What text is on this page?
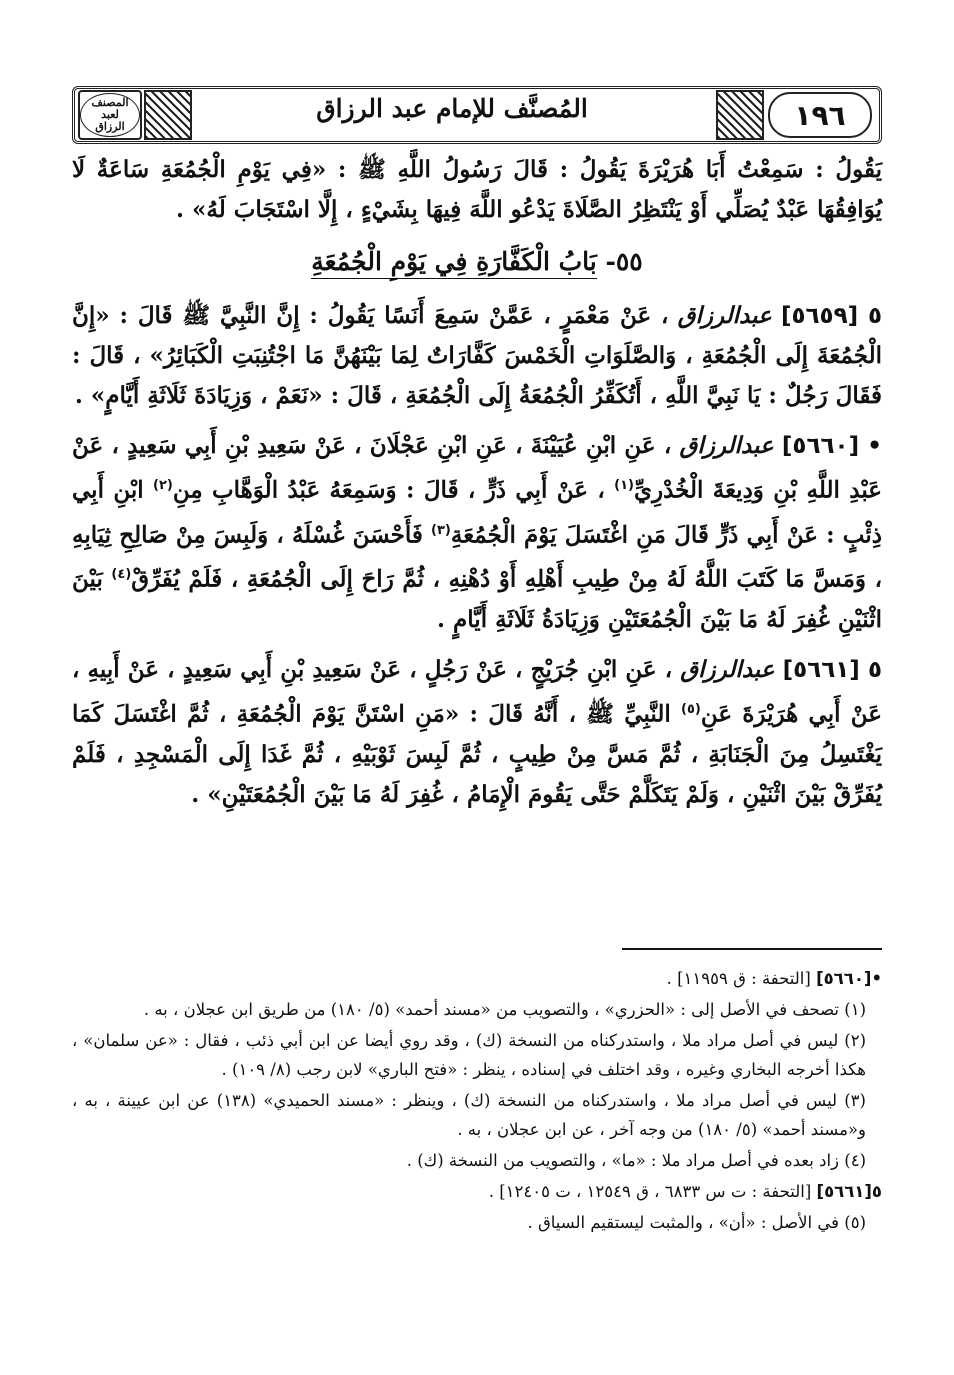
١٩٦
المُصنَّف للإمام عبد الرزاق
المصنف لعبد الرزاق

يَقُولُ : سَمِعْتُ أَبَا هُرَيْرَةَ يَقُولُ : قَالَ رَسُولُ اللَّهِ ﷺ : «فِي يَوْمِ الْجُمُعَةِ سَاعَةٌ لَا يُوَافِقُهَا عَبْدٌ يُصَلِّي أَوْ يَنْتَظِرُ الصَّلَاةَ يَدْعُو اللَّهَ فِيهَا بِشَيْءٍ ، إِلَّا اسْتَجَابَ لَهُ» .

٥٥- بَابُ الْكَفَّارَةِ فِي يَوْمِ الْجُمُعَةِ

٥ [٥٦٥٩] عبدالرزاق ، عَنْ مَعْمَرٍ ، عَمَّنْ سَمِعَ أَنَسًا يَقُولُ : إِنَّ النَّبِيَّ ﷺ قَالَ : «إِنَّ الْجُمُعَةَ إِلَى الْجُمُعَةِ ، وَالصَّلَوَاتِ الْخَمْسَ كَفَّارَاتٌ لِمَا بَيْنَهُنَّ مَا اجْتُنِبَتِ الْكَبَائِرُ» ، قَالَ : فَقَالَ رَجُلٌ : يَا نَبِيَّ اللَّهِ ، أَتُكَفِّرُ الْجُمُعَةُ إِلَى الْجُمُعَةِ ، قَالَ : «نَعَمْ ، وَزِيَادَةَ ثَلَاثَةِ أَيَّامٍ» .

• [٥٦٦٠] عبدالرزاق ، عَنِ ابْنِ عُيَيْنَةَ ، عَنِ ابْنِ عَجْلَانَ ، عَنْ سَعِيدِ بْنِ أَبِي سَعِيدٍ ، عَنْ عَبْدِ اللَّهِ بْنِ وَدِيعَةَ الْخُدْرِيِّ$^{(١)}$ ، عَنْ أَبِي ذَرٍّ ، قَالَ : وَسَمِعَهُ عَبْدُ الْوَهَّابِ مِنِ$^{(٢)}$ ابْنِ أَبِي ذِئْبٍ : عَنْ أَبِي ذَرٍّ قَالَ مَنِ اغْتَسَلَ يَوْمَ الْجُمُعَةِ$^{(٣)}$ فَأَحْسَنَ غُسْلَهُ ، وَلَبِسَ مِنْ صَالِحِ ثِيَابِهِ ، وَمَسَّ مَا كَتَبَ اللَّهُ لَهُ مِنْ طِيبِ أَهْلِهِ أَوْ دُهْنِهِ ، ثُمَّ رَاحَ إِلَى الْجُمُعَةِ ، فَلَمْ يُفَرِّقْ$^{(٤)}$ بَيْنَ اثْنَيْنِ غُفِرَ لَهُ مَا بَيْنَ الْجُمُعَتَيْنِ وَزِيَادَةُ ثَلَاثَةِ أَيَّامٍ .

٥ [٥٦٦١] عبدالرزاق ، عَنِ ابْنِ جُرَيْجٍ ، عَنْ رَجُلٍ ، عَنْ سَعِيدِ بْنِ أَبِي سَعِيدٍ ، عَنْ أَبِيهِ ، عَنْ أَبِي هُرَيْرَةَ عَنِ$^{(٥)}$ النَّبِيِّ ﷺ ، أَنَّهُ قَالَ : «مَنِ اسْتَنَّ يَوْمَ الْجُمُعَةِ ، ثُمَّ اغْتَسَلَ كَمَا يَغْتَسِلُ مِنَ الْجَنَابَةِ ، ثُمَّ مَسَّ مِنْ طِيبٍ ، ثُمَّ لَبِسَ ثَوْبَيْهِ ، ثُمَّ غَدَا إِلَى الْمَسْجِدِ ، فَلَمْ يُفَرِّقْ بَيْنَ اثْنَيْنِ ، وَلَمْ يَتَكَلَّمْ حَتَّى يَقُومَ الْإِمَامُ ، غُفِرَ لَهُ مَا بَيْنَ الْجُمُعَتَيْنِ» .

•[٥٦٦٠] [التحفة : ق ١١٩٥٩] .

(١) تصحف في الأصل إلى : «الحزري» ، والتصويب من «مسند أحمد» (٥/ ١٨٠) من طريق ابن عجلان ، به .

(٢) ليس في أصل مراد ملا ، واستدركناه من النسخة (ك) ، وقد روي أيضا عن ابن أبي ذئب ، فقال : «عن سلمان» ، هكذا أخرجه البخاري وغيره ، وقد اختلف في إسناده ، ينظر : «فتح الباري» لابن رجب (٨/ ١٠٩) .

(٣) ليس في أصل مراد ملا ، واستدركناه من النسخة (ك) ، وينظر : «مسند الحميدي» (١٣٨) عن ابن عيينة ، به ، و«مسند أحمد» (٥/ ١٨٠) من وجه آخر ، عن ابن عجلان ، به .

(٤) زاد بعده في أصل مراد ملا : «ما» ، والتصويب من النسخة (ك) .

٥[٥٦٦١] [التحفة : ت س ٦٨٣٣ ، ق ١٢٥٤٩ ، ت ١٢٤٠٥] .

(٥) في الأصل : «أن» ، والمثبت ليستقيم السياق .
